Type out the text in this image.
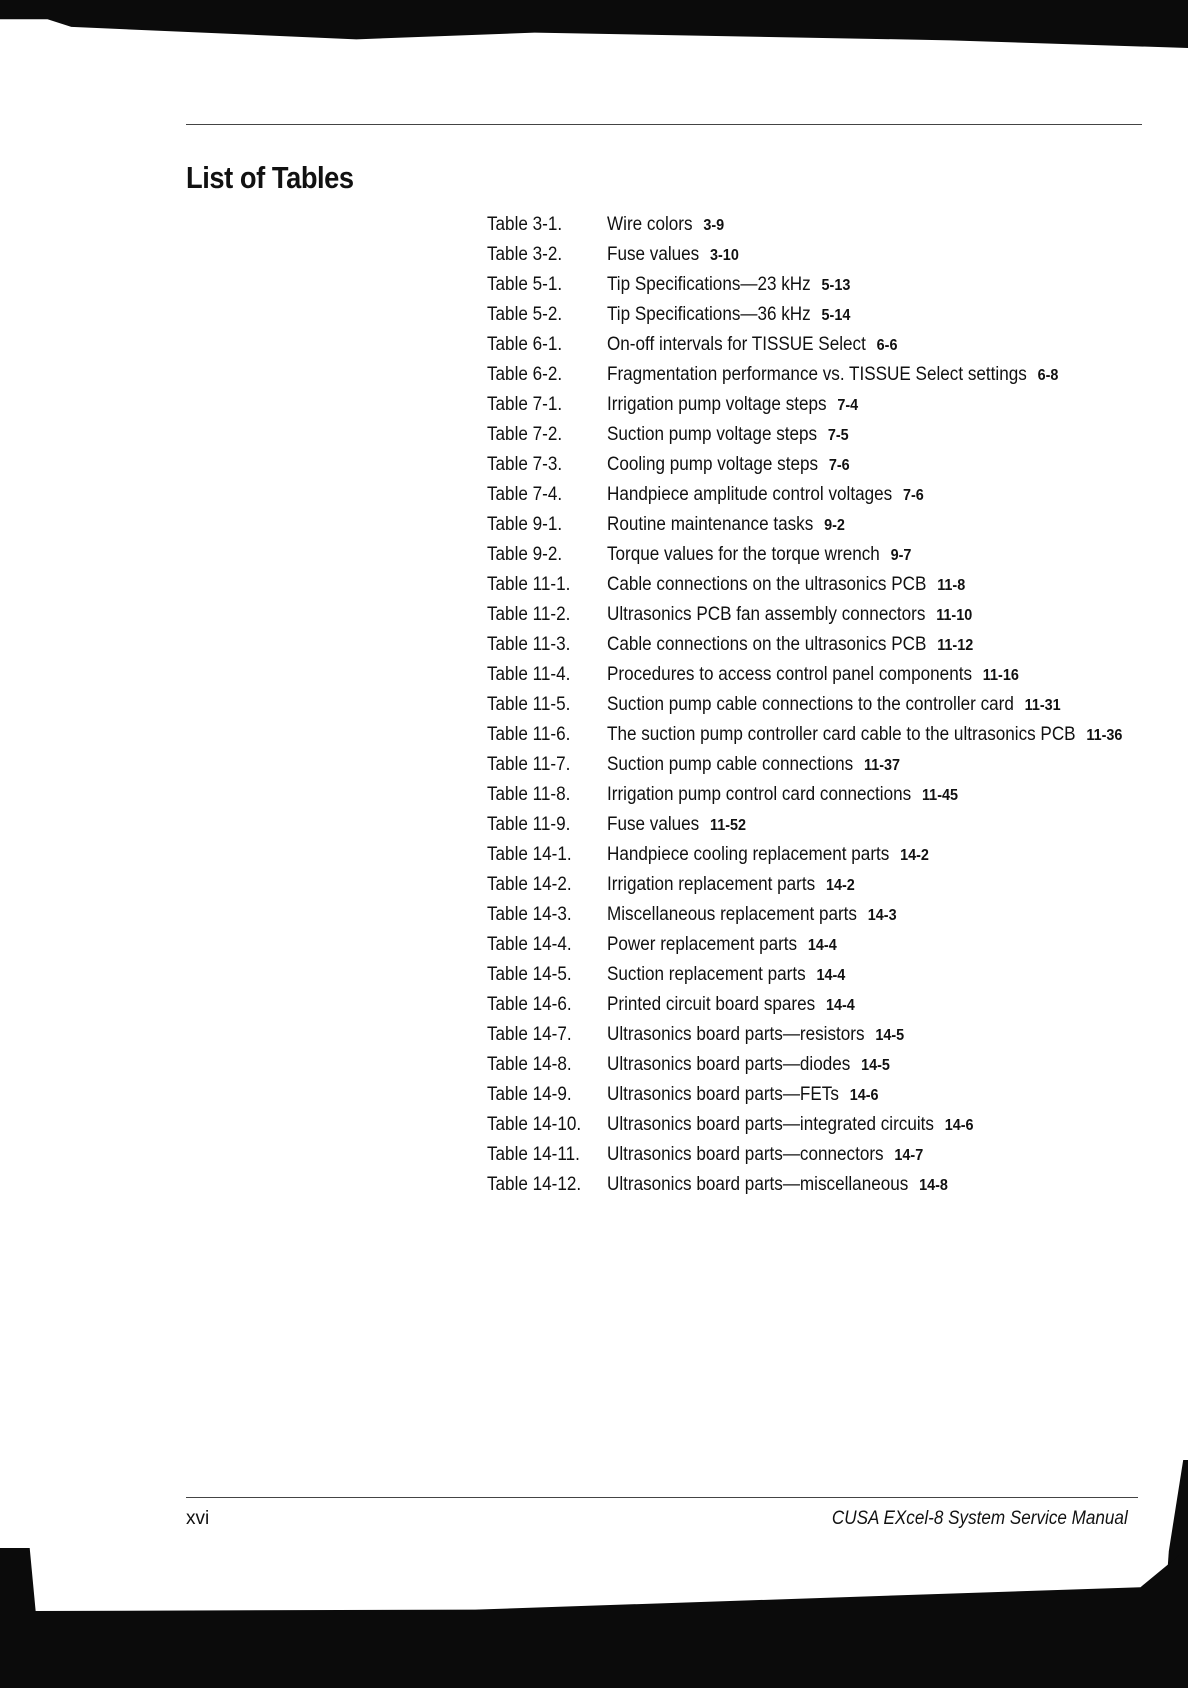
List of Tables
Table 3-1. Wire colors 3-9
Table 3-2. Fuse values 3-10
Table 5-1. Tip Specifications—23 kHz 5-13
Table 5-2. Tip Specifications—36 kHz 5-14
Table 6-1. On-off intervals for TISSUE Select 6-6
Table 6-2. Fragmentation performance vs. TISSUE Select settings 6-8
Table 7-1. Irrigation pump voltage steps 7-4
Table 7-2. Suction pump voltage steps 7-5
Table 7-3. Cooling pump voltage steps 7-6
Table 7-4. Handpiece amplitude control voltages 7-6
Table 9-1. Routine maintenance tasks 9-2
Table 9-2. Torque values for the torque wrench 9-7
Table 11-1. Cable connections on the ultrasonics PCB 11-8
Table 11-2. Ultrasonics PCB fan assembly connectors 11-10
Table 11-3. Cable connections on the ultrasonics PCB 11-12
Table 11-4. Procedures to access control panel components 11-16
Table 11-5. Suction pump cable connections to the controller card 11-31
Table 11-6. The suction pump controller card cable to the ultrasonics PCB 11-36
Table 11-7. Suction pump cable connections 11-37
Table 11-8. Irrigation pump control card connections 11-45
Table 11-9. Fuse values 11-52
Table 14-1. Handpiece cooling replacement parts 14-2
Table 14-2. Irrigation replacement parts 14-2
Table 14-3. Miscellaneous replacement parts 14-3
Table 14-4. Power replacement parts 14-4
Table 14-5. Suction replacement parts 14-4
Table 14-6. Printed circuit board spares 14-4
Table 14-7. Ultrasonics board parts—resistors 14-5
Table 14-8. Ultrasonics board parts—diodes 14-5
Table 14-9. Ultrasonics board parts—FETs 14-6
Table 14-10. Ultrasonics board parts—integrated circuits 14-6
Table 14-11. Ultrasonics board parts—connectors 14-7
Table 14-12. Ultrasonics board parts—miscellaneous 14-8
xvi	CUSA EXcel-8 System Service Manual
